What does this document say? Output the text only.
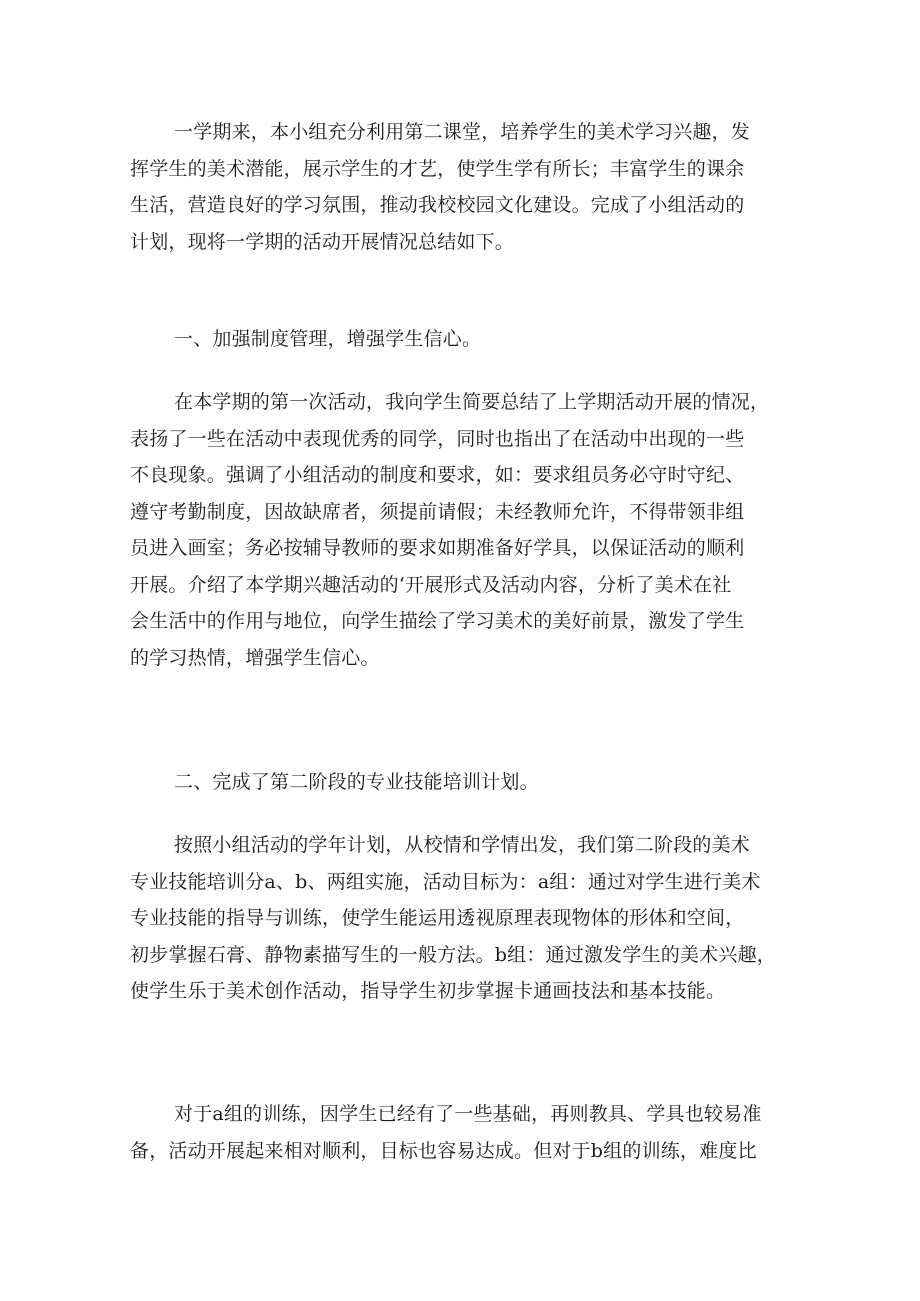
一学期来，本小组充分利用第二课堂，培养学生的美术学习兴趣，发
挥学生的美术潜能，展示学生的才艺，使学生学有所长；丰富学生的课余
生活，营造良好的学习氛围，推动我校校园文化建设。完成了小组活动的
计划，现将一学期的活动开展情况总结如下。

一、加强制度管理，增强学生信心。

在本学期的第一次活动，我向学生简要总结了上学期活动开展的情况，
表扬了一些在活动中表现优秀的同学，同时也指出了在活动中出现的一些
不良现象。强调了小组活动的制度和要求，如：要求组员务必守时守纪、
遵守考勤制度，因故缺席者，须提前请假；未经教师允许，不得带领非组
员进入画室；务必按辅导教师的要求如期准备好学具，以保证活动的顺利
开展。介绍了本学期兴趣活动的‘开展形式及活动内容，分析了美术在社
会生活中的作用与地位，向学生描绘了学习美术的美好前景，激发了学生
的学习热情，增强学生信心。

二、完成了第二阶段的专业技能培训计划。

按照小组活动的学年计划，从校情和学情出发，我们第二阶段的美术
专业技能培训分a、b、两组实施，活动目标为：a组：通过对学生进行美术
专业技能的指导与训练，使学生能运用透视原理表现物体的形体和空间，
初步掌握石膏、静物素描写生的一般方法。b组：通过激发学生的美术兴趣，
使学生乐于美术创作活动，指导学生初步掌握卡通画技法和基本技能。

对于a组的训练，因学生已经有了一些基础，再则教具、学具也较易准
备，活动开展起来相对顺利，目标也容易达成。但对于b组的训练，难度比
